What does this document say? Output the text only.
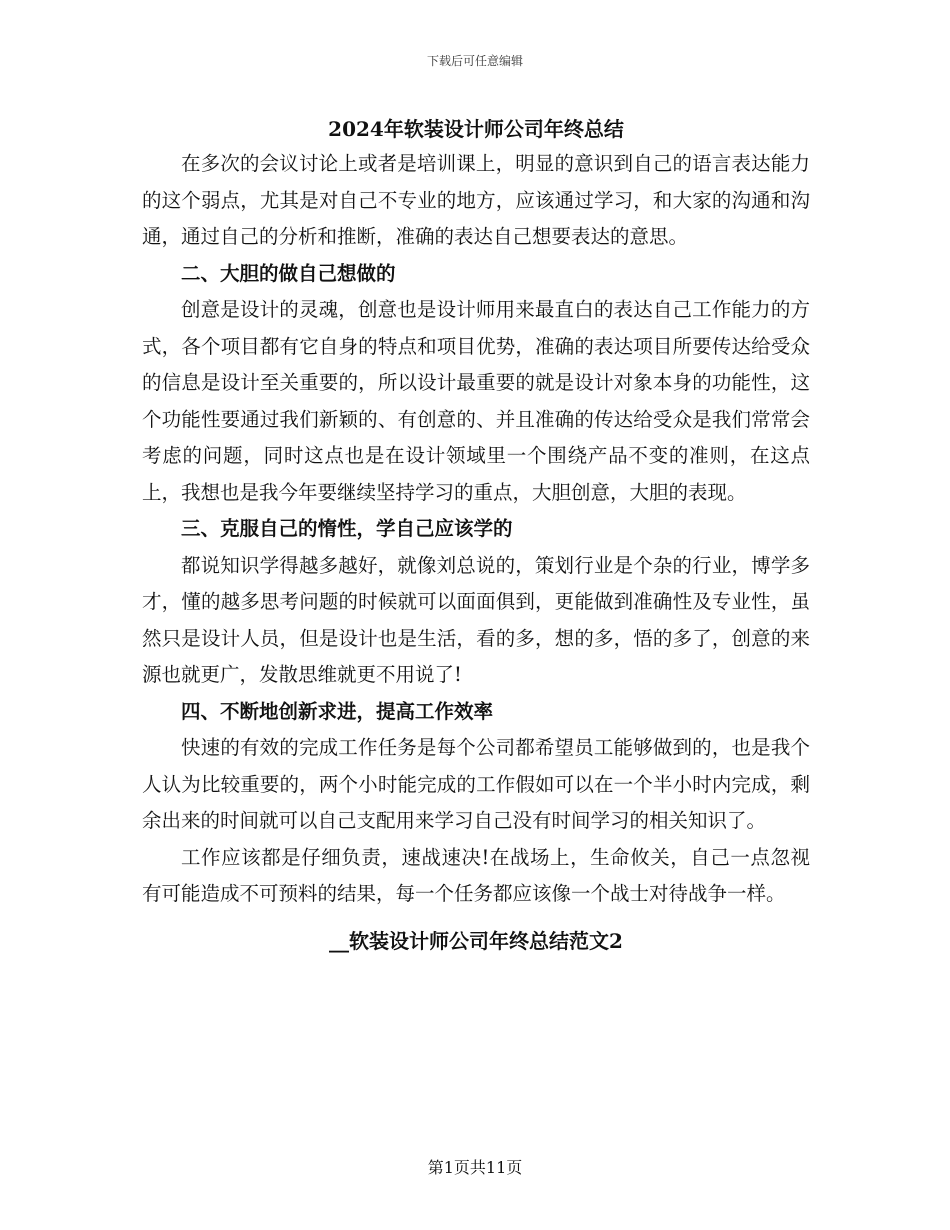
下载后可任意编辑
2024年软装设计师公司年终总结

在多次的会议讨论上或者是培训课上，明显的意识到自己的语言表达能力的这个弱点，尤其是对自己不专业的地方，应该通过学习，和大家的沟通和沟通，通过自己的分析和推断，准确的表达自己想要表达的意思。

二、大胆的做自己想做的

创意是设计的灵魂，创意也是设计师用来最直白的表达自己工作能力的方式，各个项目都有它自身的特点和项目优势，准确的表达项目所要传达给受众的信息是设计至关重要的，所以设计最重要的就是设计对象本身的功能性，这个功能性要通过我们新颖的、有创意的、并且准确的传达给受众是我们常常会考虑的问题，同时这点也是在设计领域里一个围绕产品不变的准则，在这点上，我想也是我今年要继续坚持学习的重点，大胆创意，大胆的表现。

三、克服自己的惰性，学自己应该学的

都说知识学得越多越好，就像刘总说的，策划行业是个杂的行业，博学多才，懂的越多思考问题的时候就可以面面俱到，更能做到准确性及专业性，虽然只是设计人员，但是设计也是生活，看的多，想的多，悟的多了，创意的来源也就更广，发散思维就更不用说了!

四、不断地创新求进，提高工作效率

快速的有效的完成工作任务是每个公司都希望员工能够做到的，也是我个人认为比较重要的，两个小时能完成的工作假如可以在一个半小时内完成，剩余出来的时间就可以自己支配用来学习自己没有时间学习的相关知识了。

工作应该都是仔细负责，速战速决!在战场上，生命攸关，自己一点忽视有可能造成不可预料的结果，每一个任务都应该像一个战士对待战争一样。

__软装设计师公司年终总结范文2
第1页共11页
